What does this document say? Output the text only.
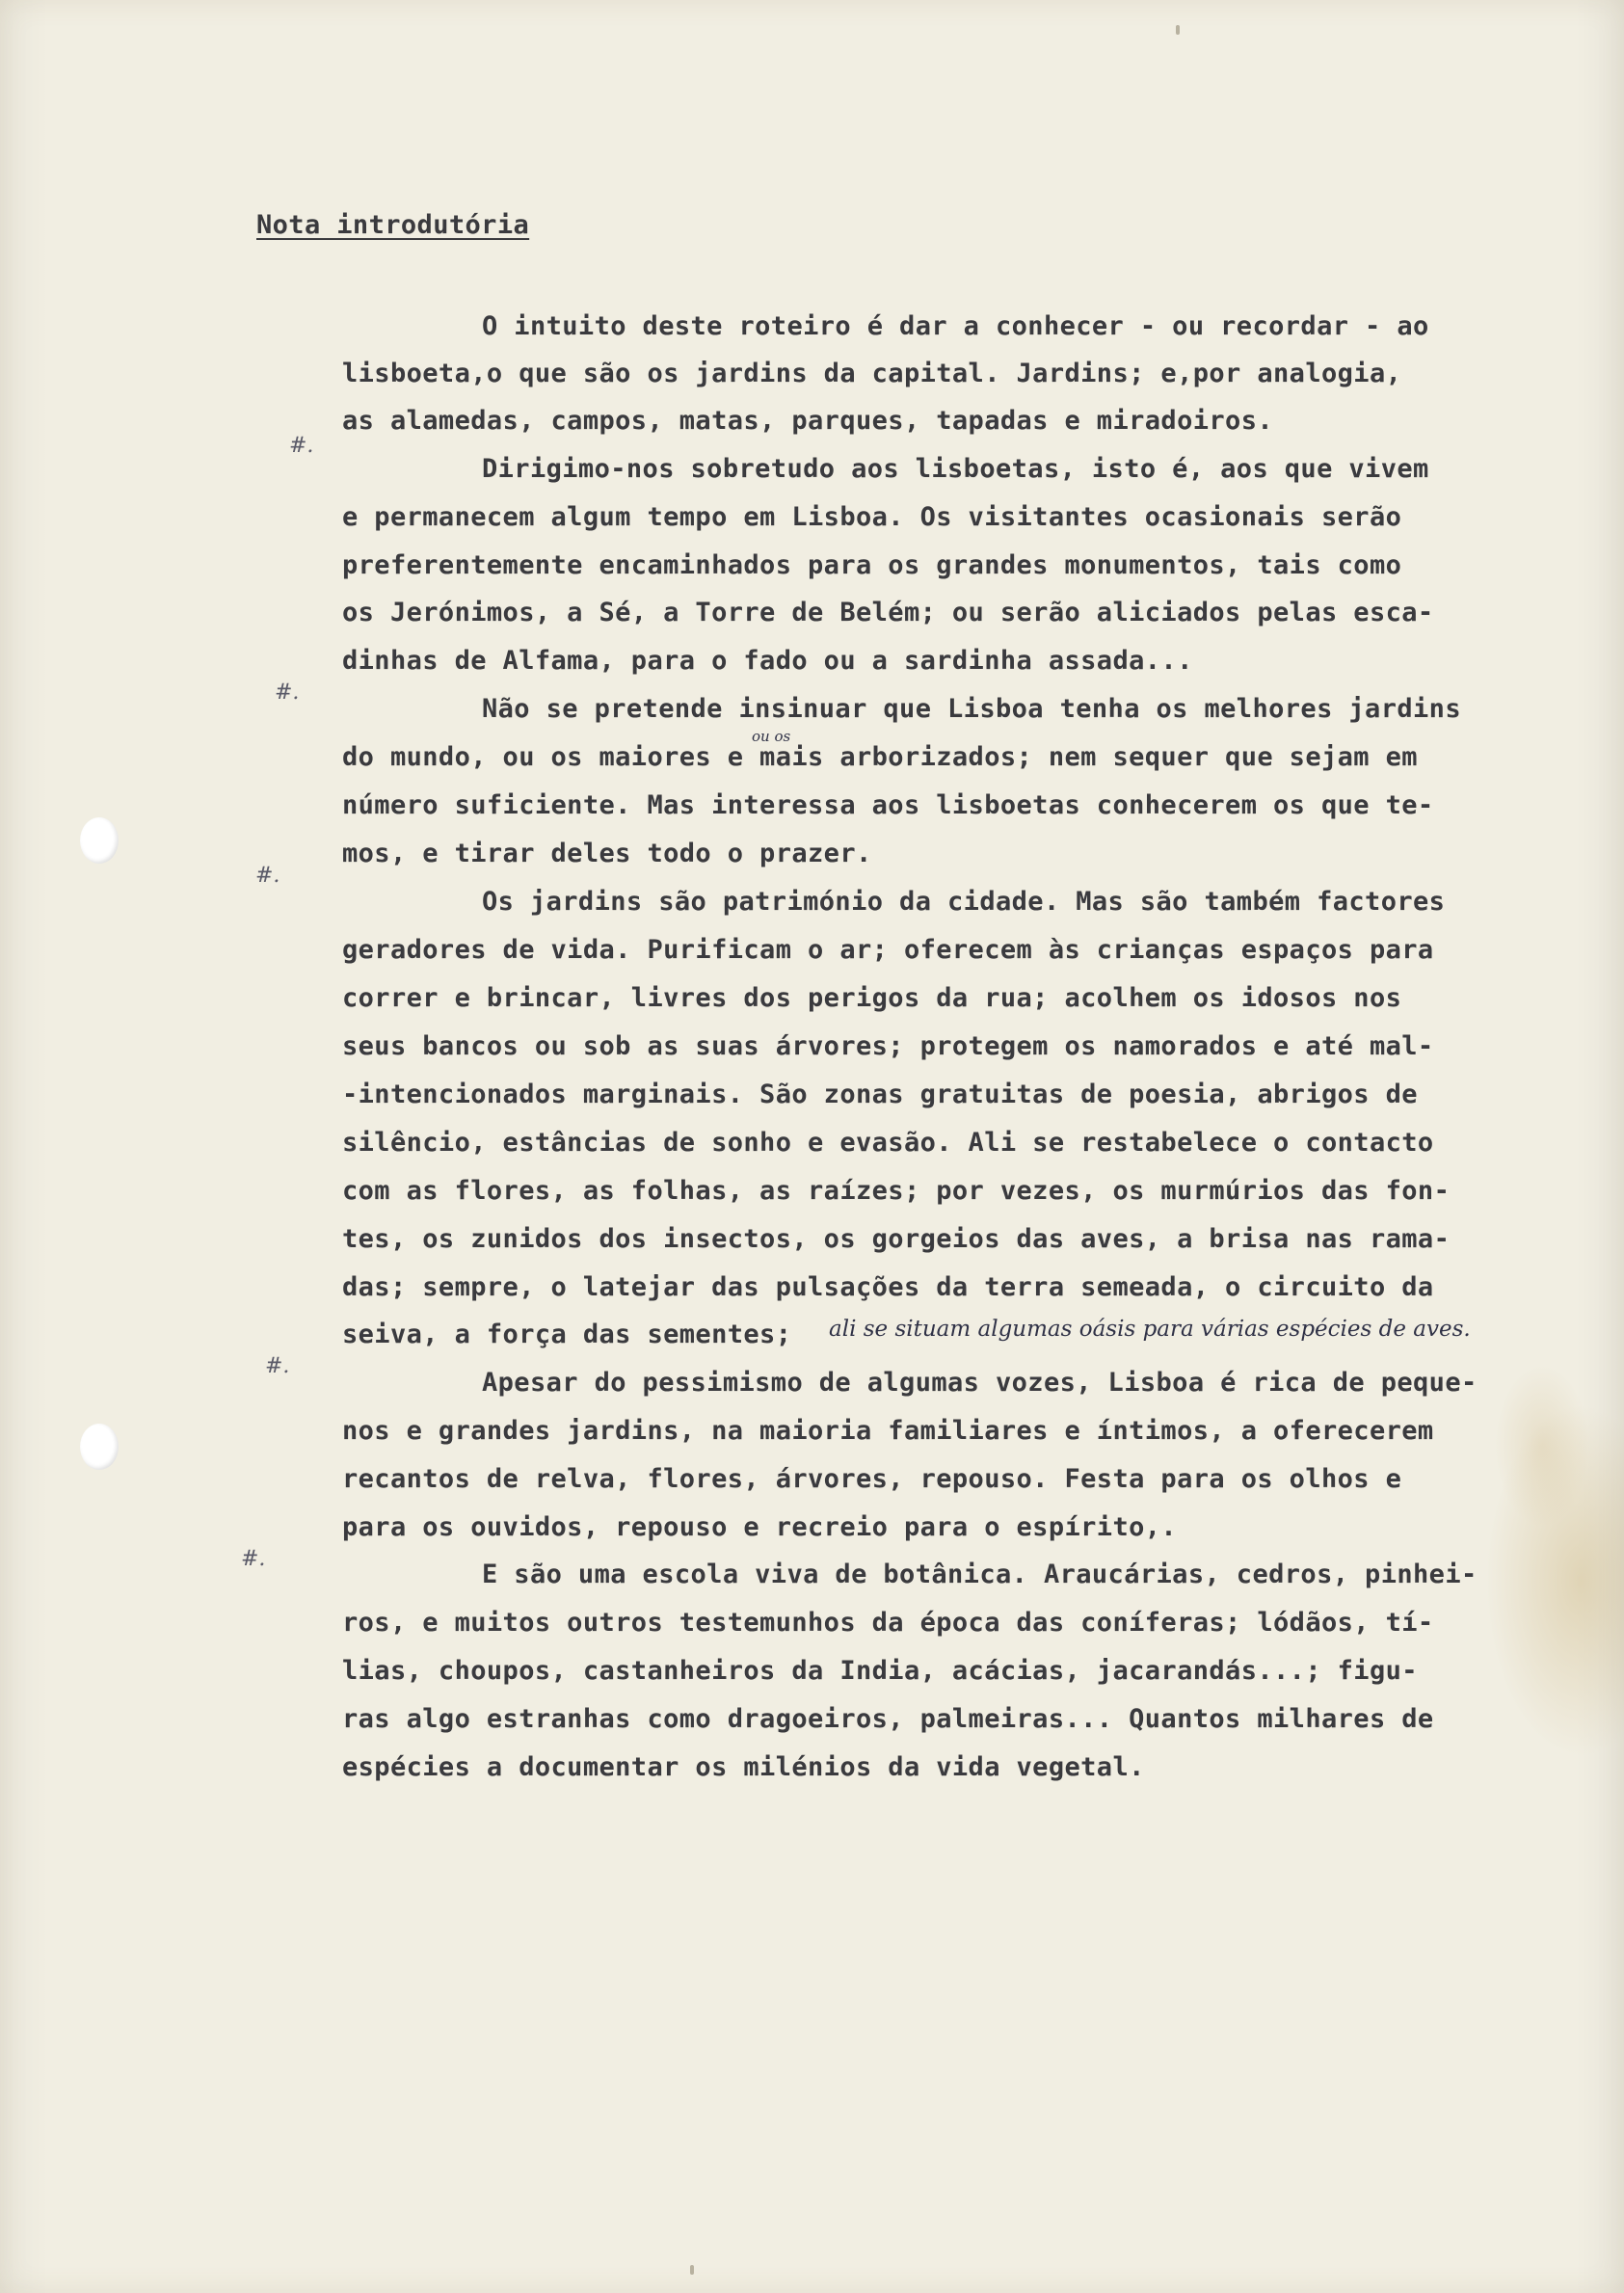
Nota introdutória
O intuito deste roteiro é dar a conhecer - ou recordar - ao
lisboeta,o que são os jardins da capital. Jardins; e,por analogia,
as alamedas, campos, matas, parques, tapadas e miradoiros.
#.
Dirigimo-nos sobretudo aos lisboetas, isto é, aos que vivem
e permanecem algum tempo em Lisboa. Os visitantes ocasionais serão
preferentemente encaminhados para os grandes monumentos, tais como
os Jerónimos, a Sé, a Torre de Belém; ou serão aliciados pelas esca-
dinhas de Alfama, para o fado ou a sardinha assada...
#.
Não se pretende insinuar que Lisboa tenha os melhores jardins
ou os
do mundo, ou os maiores e mais arborizados; nem sequer que sejam em
número suficiente. Mas interessa aos lisboetas conhecerem os que te-
mos, e tirar deles todo o prazer.
#.
Os jardins são património da cidade. Mas são também factores
geradores de vida. Purificam o ar; oferecem às crianças espaços para
correr e brincar, livres dos perigos da rua; acolhem os idosos nos
seus bancos ou sob as suas árvores; protegem os namorados e até mal-
-intencionados marginais. São zonas gratuitas de poesia, abrigos de
silêncio, estâncias de sonho e evasão. Ali se restabelece o contacto
com as flores, as folhas, as raízes; por vezes, os murmúrios das fon-
tes, os zunidos dos insectos, os gorgeios das aves, a brisa nas rama-
das; sempre, o latejar das pulsações da terra semeada, o circuito da
seiva, a força das sementes; ali se situam algumas oásis para várias espécies de aves.
#.
Apesar do pessimismo de algumas vozes, Lisboa é rica de peque-
nos e grandes jardins, na maioria familiares e íntimos, a oferecerem
recantos de relva, flores, árvores, repouso. Festa para os olhos e
para os ouvidos, repouso e recreio para o espírito,.
#.
E são uma escola viva de botânica. Araucárias, cedros, pinhei-
ros, e muitos outros testemunhos da época das coníferas; lódãos, tí-
lias, choupos, castanheiros da India, acácias, jacarandás...; figu-
ras algo estranhas como dragoeiros, palmeiras... Quantos milhares de
espécies a documentar os milénios da vida vegetal.
